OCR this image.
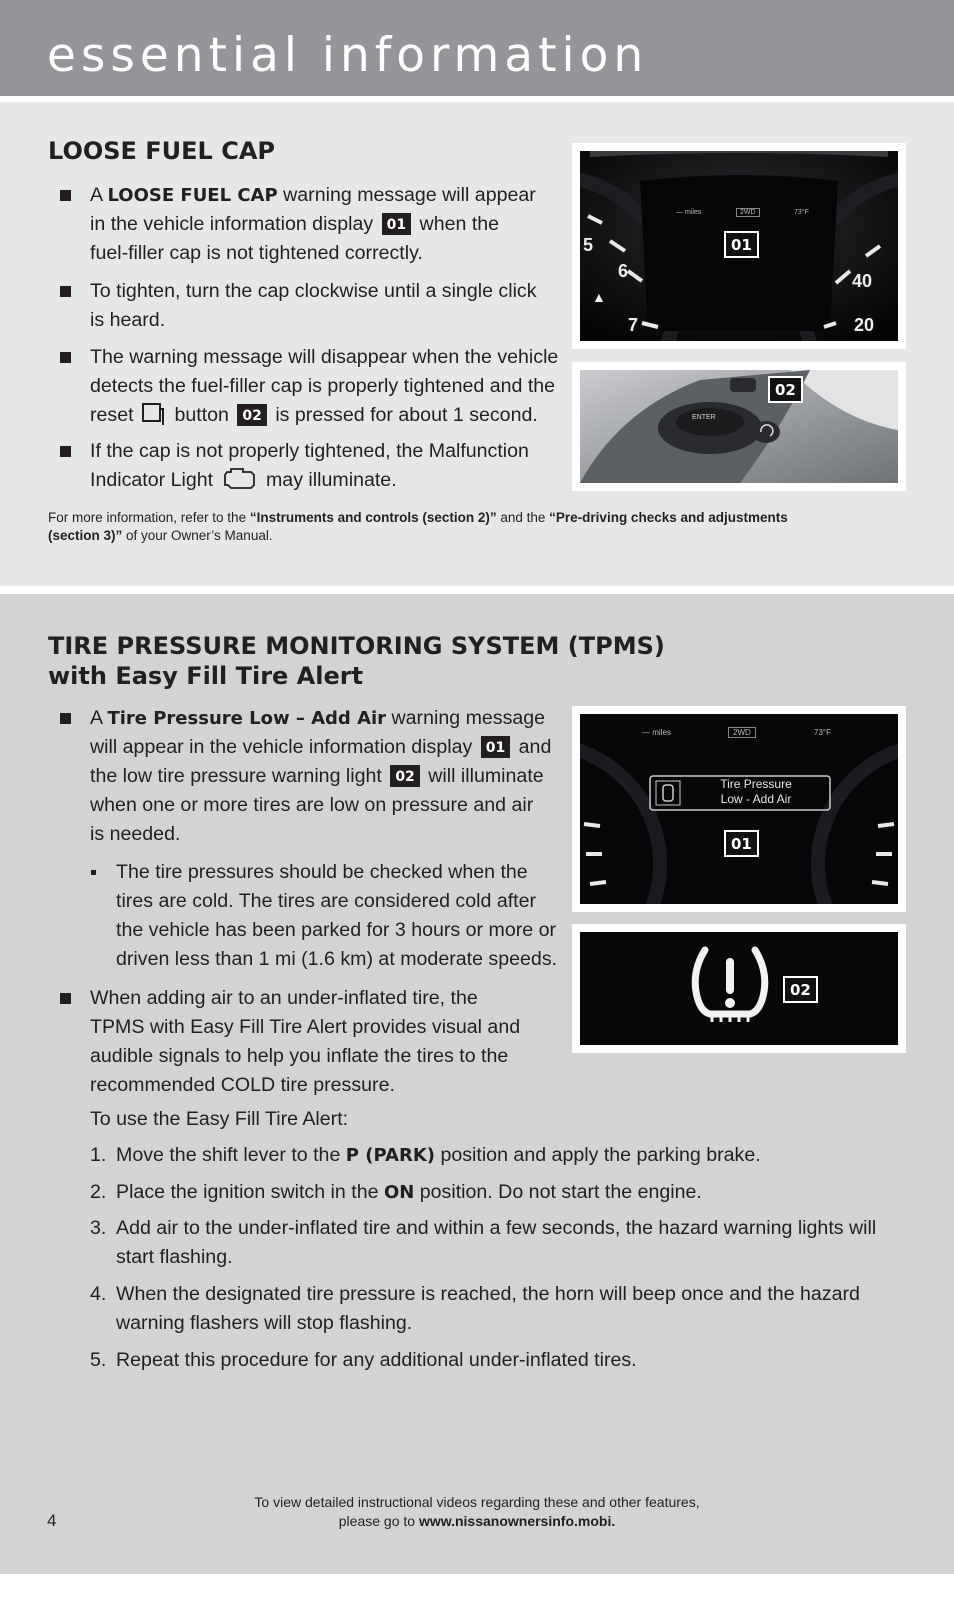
essential information
LOOSE FUEL CAP
A LOOSE FUEL CAP warning message will appear
in the vehicle information display 01 when the
fuel-filler cap is not tightened correctly.
To tighten, turn the cap clockwise until a single click
is heard.
The warning message will disappear when the vehicle
detects the fuel-filler cap is properly tightened and the
reset  button 02 is pressed for about 1 second.
If the cap is not properly tightened, the Malfunction
Indicator Light  may illuminate.
For more information, refer to the “Instruments and controls (section 2)” and the “Pre-driving checks and adjustments
(section 3)” of your Owner’s Manual.
5
6
7
40
20
▲
— miles	2WD	73°F
01
ENTER
02
TIRE PRESSURE MONITORING SYSTEM (TPMS)
with Easy Fill Tire Alert
A Tire Pressure Low – Add Air warning message
will appear in the vehicle information display 01 and
the low tire pressure warning light 02 will illuminate
when one or more tires are low on pressure and air
is needed.
The tire pressures should be checked when the
tires are cold. The tires are considered cold after
the vehicle has been parked for 3 hours or more or
driven less than 1 mi (1.6 km) at moderate speeds.
When adding air to an under-inflated tire, the
TPMS with Easy Fill Tire Alert provides visual and
audible signals to help you inflate the tires to the
recommended COLD tire pressure.
To use the Easy Fill Tire Alert:
1. Move the shift lever to the P (PARK) position and apply the parking brake.
2. Place the ignition switch in the ON position. Do not start the engine.
3. Add air to the under-inflated tire and within a few seconds, the hazard warning lights will
start flashing.
4. When the designated tire pressure is reached, the horn will beep once and the hazard
warning flashers will stop flashing.
5. Repeat this procedure for any additional under-inflated tires.
— miles	2WD	73°F
Tire Pressure
Low - Add Air
01
02
4
To view detailed instructional videos regarding these and other features,
please go to www.nissanownersinfo.mobi.
